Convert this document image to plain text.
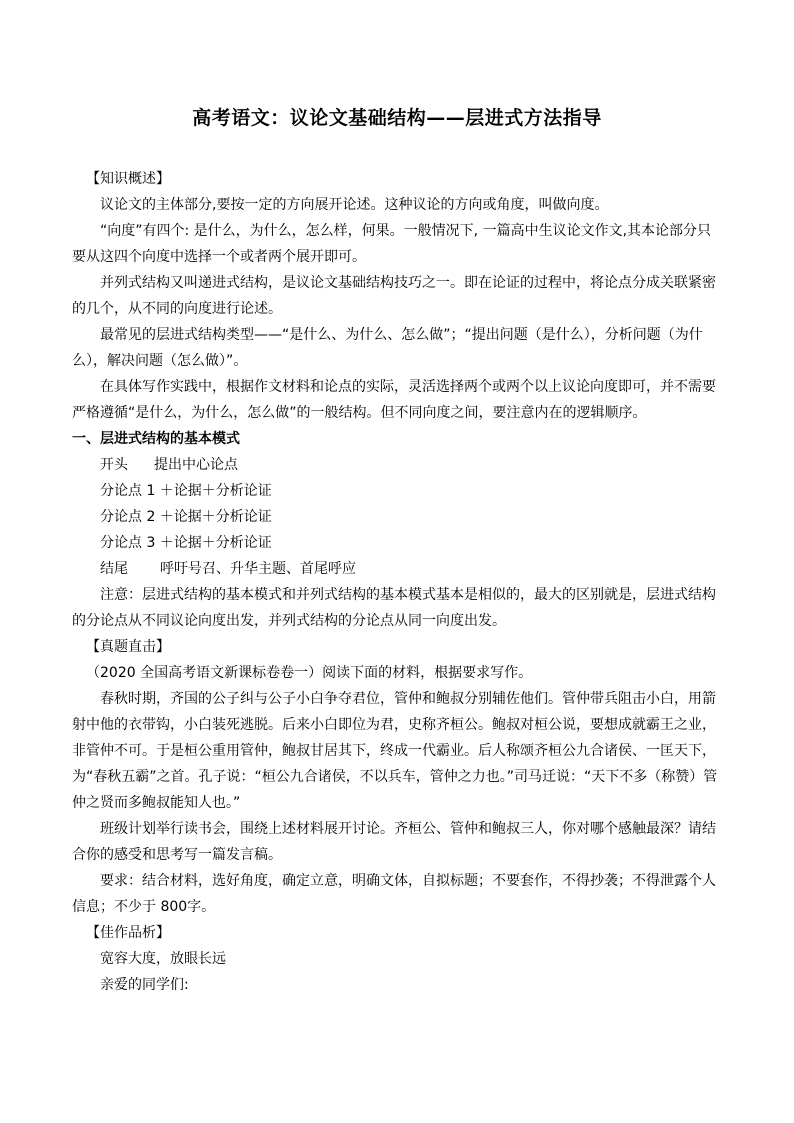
高考语文：议论文基础结构——层进式方法指导

【知识概述】

议论文的主体部分,要按一定的方向展开论述。这种议论的方向或角度，叫做向度。

“向度”有四个: 是什么，为什么，怎么样，何果。一般情况下, 一篇高中生议论文作文,其本论部分只要从这四个向度中选择一个或者两个展开即可。

并列式结构又叫递进式结构，是议论文基础结构技巧之一。即在论证的过程中，将论点分成关联紧密的几个，从不同的向度进行论述。

最常见的层进式结构类型——“是什么、为什么、怎么做”；“提出问题（是什么），分析问题（为什么），解决问题（怎么做）”。

在具体写作实践中，根据作文材料和论点的实际，灵活选择两个或两个以上议论向度即可，并不需要严格遵循“是什么，为什么，怎么做”的一般结构。但不同向度之间，要注意内在的逻辑顺序。

一、层进式结构的基本模式

开头 提出中心论点

分论点 1 ＋论据＋分析论证

分论点 2 ＋论据＋分析论证

分论点 3 ＋论据＋分析论证

结尾 呼吁号召、升华主题、首尾呼应

注意：层进式结构的基本模式和并列式结构的基本模式基本是相似的，最大的区别就是，层进式结构的分论点从不同议论向度出发，并列式结构的分论点从同一向度出发。

【真题直击】

（2020 全国高考语文新课标卷卷一）阅读下面的材料，根据要求写作。

春秋时期，齐国的公子纠与公子小白争夺君位，管仲和鲍叔分别辅佐他们。管仲带兵阻击小白，用箭射中他的衣带钩，小白装死逃脱。后来小白即位为君，史称齐桓公。鲍叔对桓公说，要想成就霸王之业，非管仲不可。于是桓公重用管仲，鲍叔甘居其下，终成一代霸业。后人称颂齐桓公九合诸侯、一匡天下，为“春秋五霸”之首。孔子说：“桓公九合诸侯，不以兵车，管仲之力也。”司马迁说：“天下不多（称赞）管仲之贤而多鲍叔能知人也。”

班级计划举行读书会，围绕上述材料展开讨论。齐桓公、管仲和鲍叔三人，你对哪个感触最深？请结合你的感受和思考写一篇发言稿。

要求：结合材料，选好角度，确定立意，明确文体，自拟标题；不要套作，不得抄袭；不得泄露个人信息；不少于 800字。

【佳作品析】

宽容大度，放眼长远

亲爱的同学们:
